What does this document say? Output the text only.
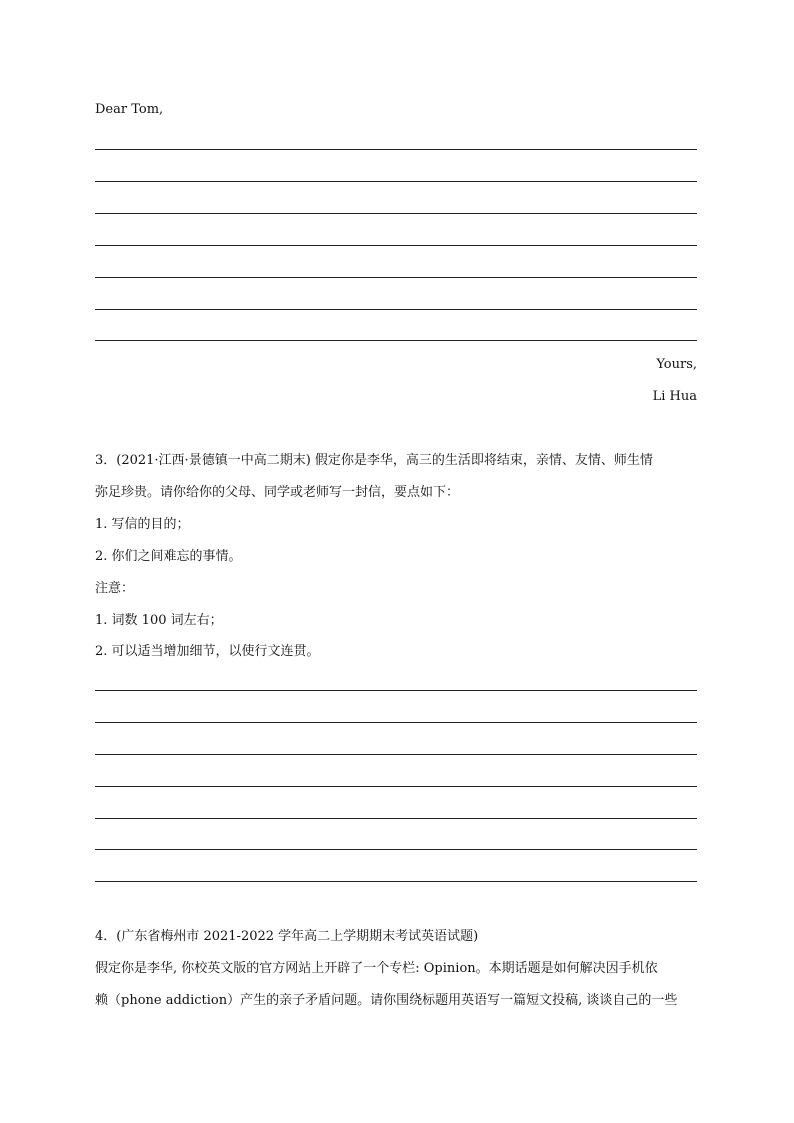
Dear Tom,
Yours,
Li Hua
3．(2021·江西·景德镇一中高二期末) 假定你是李华，高三的生活即将结束，亲情、友情、师生情
弥足珍贵。请你给你的父母、同学或老师写一封信，要点如下：
1. 写信的目的；
2. 你们之间难忘的事情。
注意：
1. 词数 100 词左右；
2. 可以适当增加细节，以使行文连贯。
4．(广东省梅州市 2021-2022 学年高二上学期期末考试英语试题)
假定你是李华, 你校英文版的官方网站上开辟了一个专栏: Opinion。本期话题是如何解决因手机依
赖（phone addiction）产生的亲子矛盾问题。请你围绕标题用英语写一篇短文投稿, 谈谈自己的一些
